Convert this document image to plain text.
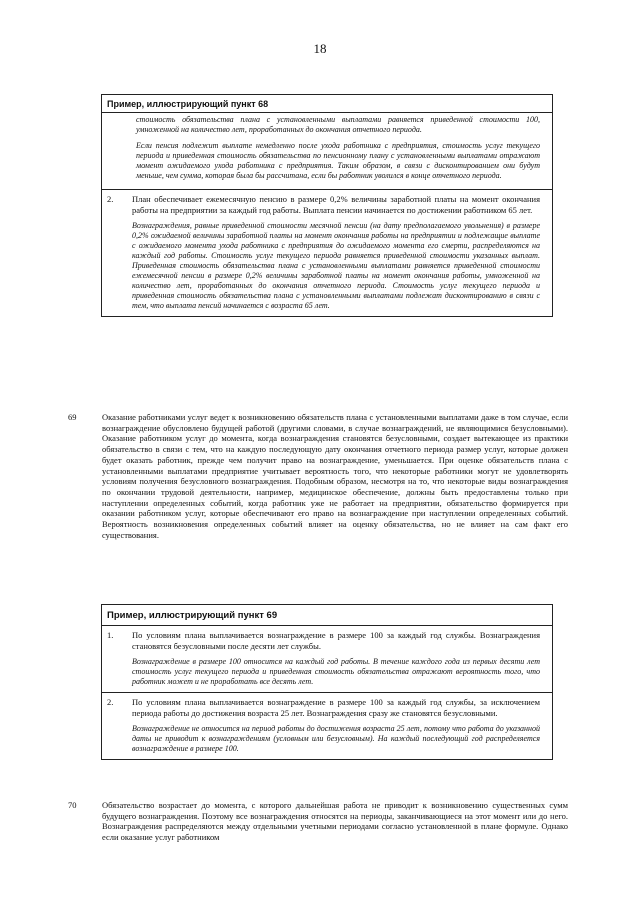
18
Пример, иллюстрирующий пункт 68

стоимость обязательства плана с установленными выплатами равняется приведенной стоимости 100, умноженной на количество лет, проработанных до окончания отчетного периода.

Если пенсия подлежит выплате немедленно после ухода работника с предприятия, стоимость услуг текущего периода и приведенная стоимость обязательства по пенсионному плану с установленными выплатами отражают момент ожидаемого ухода работника с предприятия. Таким образом, в связи с дисконтированием они будут меньше, чем сумма, которая была бы рассчитана, если бы работник уволился в конце отчетного периода.

2.	План обеспечивает ежемесячную пенсию в размере 0,2% величины заработной платы на момент окончания работы на предприятии за каждый год работы. Выплата пенсии начинается по достижении работником 65 лет.

Вознаграждения, равные приведенной стоимости месячной пенсии (на дату предполагаемого увольнения) в размере 0,2% ожидаемой величины заработной платы на момент окончания работы на предприятии и подлежащие выплате с ожидаемого момента ухода работника с предприятия до ожидаемого момента его смерти, распределяются на каждый год работы. Стоимость услуг текущего периода равняется приведенной стоимости указанных выплат. Приведенная стоимость обязательства плана с установленными выплатами равняется приведенной стоимости ежемесячной пенсии в размере 0,2% величины заработной платы на момент окончания работы, умноженной на количество лет, проработанных до окончания отчетного периода. Стоимость услуг текущего периода и приведенная стоимость обязательства плана с установленными выплатами подлежат дисконтированию в связи с тем, что выплата пенсий начинается с возраста 65 лет.

69	Оказание работниками услуг ведет к возникновению обязательств плана с установленными выплатами даже в том случае, если вознаграждение обусловлено будущей работой (другими словами, в случае вознаграждений, не являющимися безусловными). Оказание работником услуг до момента, когда вознаграждения становятся безусловными, создает вытекающее из практики обязательство в связи с тем, что на каждую последующую дату окончания отчетного периода размер услуг, которые должен будет оказать работник, прежде чем получит право на вознаграждение, уменьшается. При оценке обязательств плана с установленными выплатами предприятие учитывает вероятность того, что некоторые работники могут не удовлетворять условиям получения безусловного вознаграждения. Подобным образом, несмотря на то, что некоторые виды вознаграждения по окончании трудовой деятельности, например, медицинское обеспечение, должны быть предоставлены только при наступлении определенных событий, когда работник уже не работает на предприятии, обязательство формируется при оказании работником услуг, которые обеспечивают его право на вознаграждение при наступлении определенных событий. Вероятность возникновения определенных событий влияет на оценку обязательства, но не влияет на сам факт его существования.

Пример, иллюстрирующий пункт 69
1.	По условиям плана выплачивается вознаграждение в размере 100 за каждый год службы. Вознаграждения становятся безусловными после десяти лет службы.

Вознаграждение в размере 100 относится на каждый год работы. В течение каждого года из первых десяти лет стоимость услуг текущего периода и приведенная стоимость обязательства отражают вероятность того, что работник может и не проработать все десять лет.

2.	По условиям плана выплачивается вознаграждение в размере 100 за каждый год службы, за исключением периода работы до достижения возраста 25 лет. Вознаграждения сразу же становятся безусловными.

Вознаграждение не относится на период работы до достижения возраста 25 лет, потому что работа до указанной даты не приводит к вознаграждениям (условным или безусловным). На каждый последующий год распределяется вознаграждение в размере 100.

70	Обязательство возрастает до момента, с которого дальнейшая работа не приводит к возникновению существенных сумм будущего вознаграждения. Поэтому все вознаграждения относятся на периоды, заканчивающиеся на этот момент или до него. Вознаграждения распределяются между отдельными учетными периодами согласно установленной в плане формуле. Однако если оказание услуг работником
